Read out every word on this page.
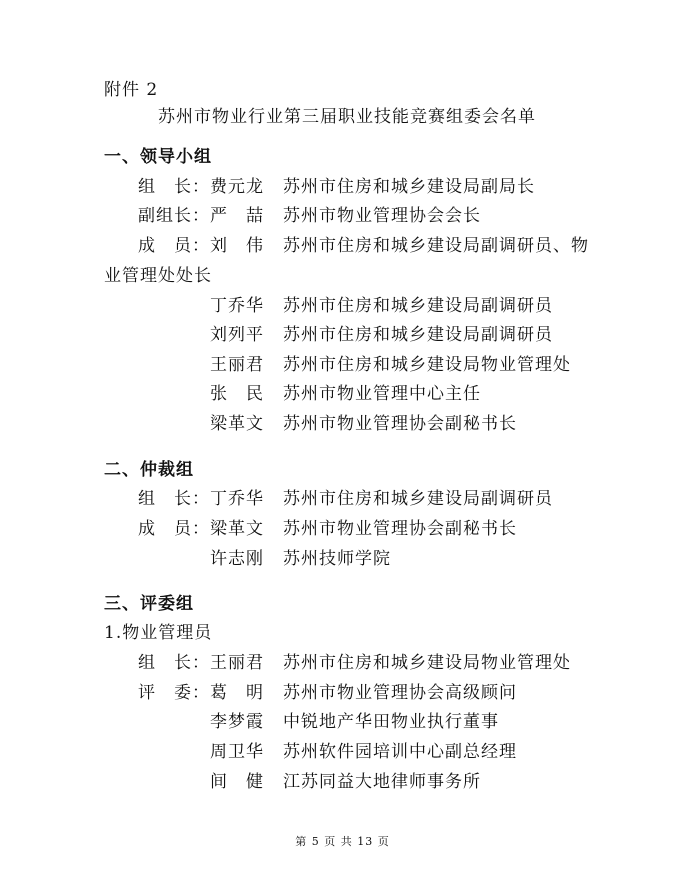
附件 2
苏州市物业行业第三届职业技能竞赛组委会名单
一、领导小组
组　长： 费元龙 苏州市住房和城乡建设局副局长
副组长： 严　喆 苏州市物业管理协会会长
成　员： 刘　伟 苏州市住房和城乡建设局副调研员、物
业管理处处长
丁乔华 苏州市住房和城乡建设局副调研员
刘列平 苏州市住房和城乡建设局副调研员
王丽君 苏州市住房和城乡建设局物业管理处
张　民 苏州市物业管理中心主任
梁革文 苏州市物业管理协会副秘书长
二、仲裁组
组　长： 丁乔华 苏州市住房和城乡建设局副调研员
成　员： 梁革文 苏州市物业管理协会副秘书长
许志刚 苏州技师学院
三、评委组
1.物业管理员
组　长： 王丽君 苏州市住房和城乡建设局物业管理处
评　委： 葛　明 苏州市物业管理协会高级顾问
李梦霞 中锐地产华田物业执行董事
周卫华 苏州软件园培训中心副总经理
间　健 江苏同益大地律师事务所
第 5 页 共 13 页
